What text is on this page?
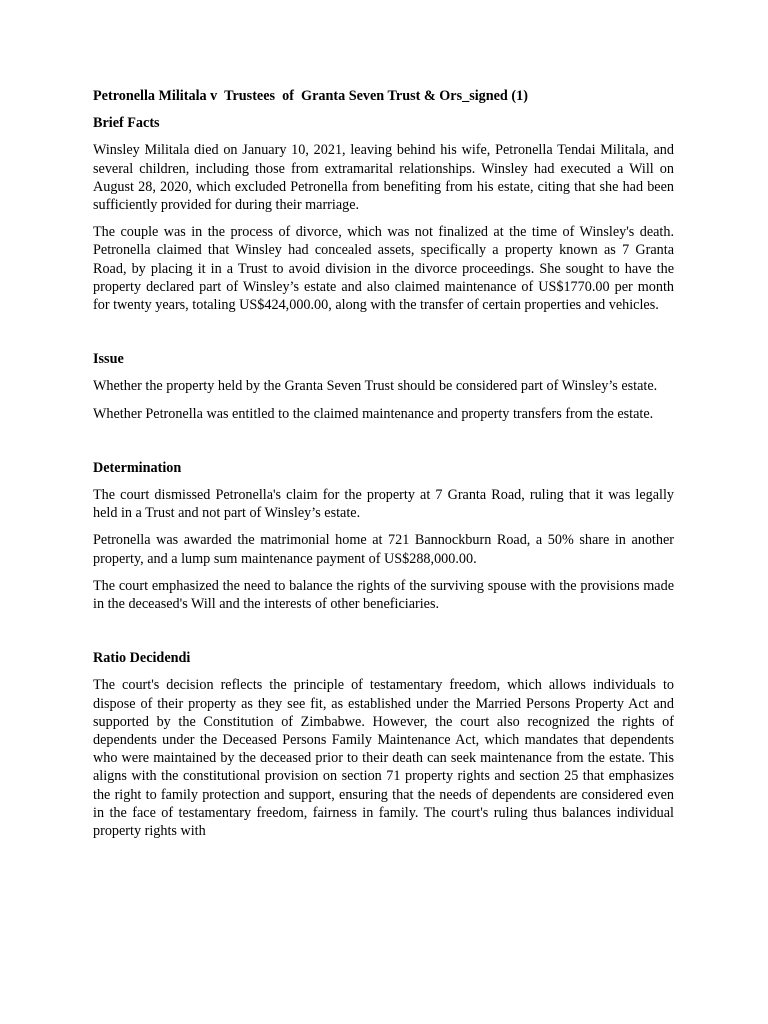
Petronella Militala v  Trustees  of  Granta Seven Trust & Ors_signed (1)
Brief Facts

Winsley Militala died on January 10, 2021, leaving behind his wife, Petronella Tendai Militala, and several children, including those from extramarital relationships. Winsley had executed a Will on August 28, 2020, which excluded Petronella from benefiting from his estate, citing that she had been sufficiently provided for during their marriage.

The couple was in the process of divorce, which was not finalized at the time of Winsley's death. Petronella claimed that Winsley had concealed assets, specifically a property known as 7 Granta Road, by placing it in a Trust to avoid division in the divorce proceedings. She sought to have the property declared part of Winsley’s estate and also claimed maintenance of US$1770.00 per month for twenty years, totaling US$424,000.00, along with the transfer of certain properties and vehicles.

Issue

Whether the property held by the Granta Seven Trust should be considered part of Winsley’s estate.

Whether Petronella was entitled to the claimed maintenance and property transfers from the estate.

Determination

The court dismissed Petronella's claim for the property at 7 Granta Road, ruling that it was legally held in a Trust and not part of Winsley’s estate.

Petronella was awarded the matrimonial home at 721 Bannockburn Road, a 50% share in another property, and a lump sum maintenance payment of US$288,000.00.

The court emphasized the need to balance the rights of the surviving spouse with the provisions made in the deceased's Will and the interests of other beneficiaries.

Ratio Decidendi

The court's decision reflects the principle of testamentary freedom, which allows individuals to dispose of their property as they see fit, as established under the Married Persons Property Act and supported by the Constitution of Zimbabwe. However, the court also recognized the rights of dependents under the Deceased Persons Family Maintenance Act, which mandates that dependents who were maintained by the deceased prior to their death can seek maintenance from the estate. This aligns with the constitutional provision on section 71 property rights and section 25 that emphasizes the right to family protection and support, ensuring that the needs of dependents are considered even in the face of testamentary freedom, fairness in family. The court's ruling thus balances individual property rights with
